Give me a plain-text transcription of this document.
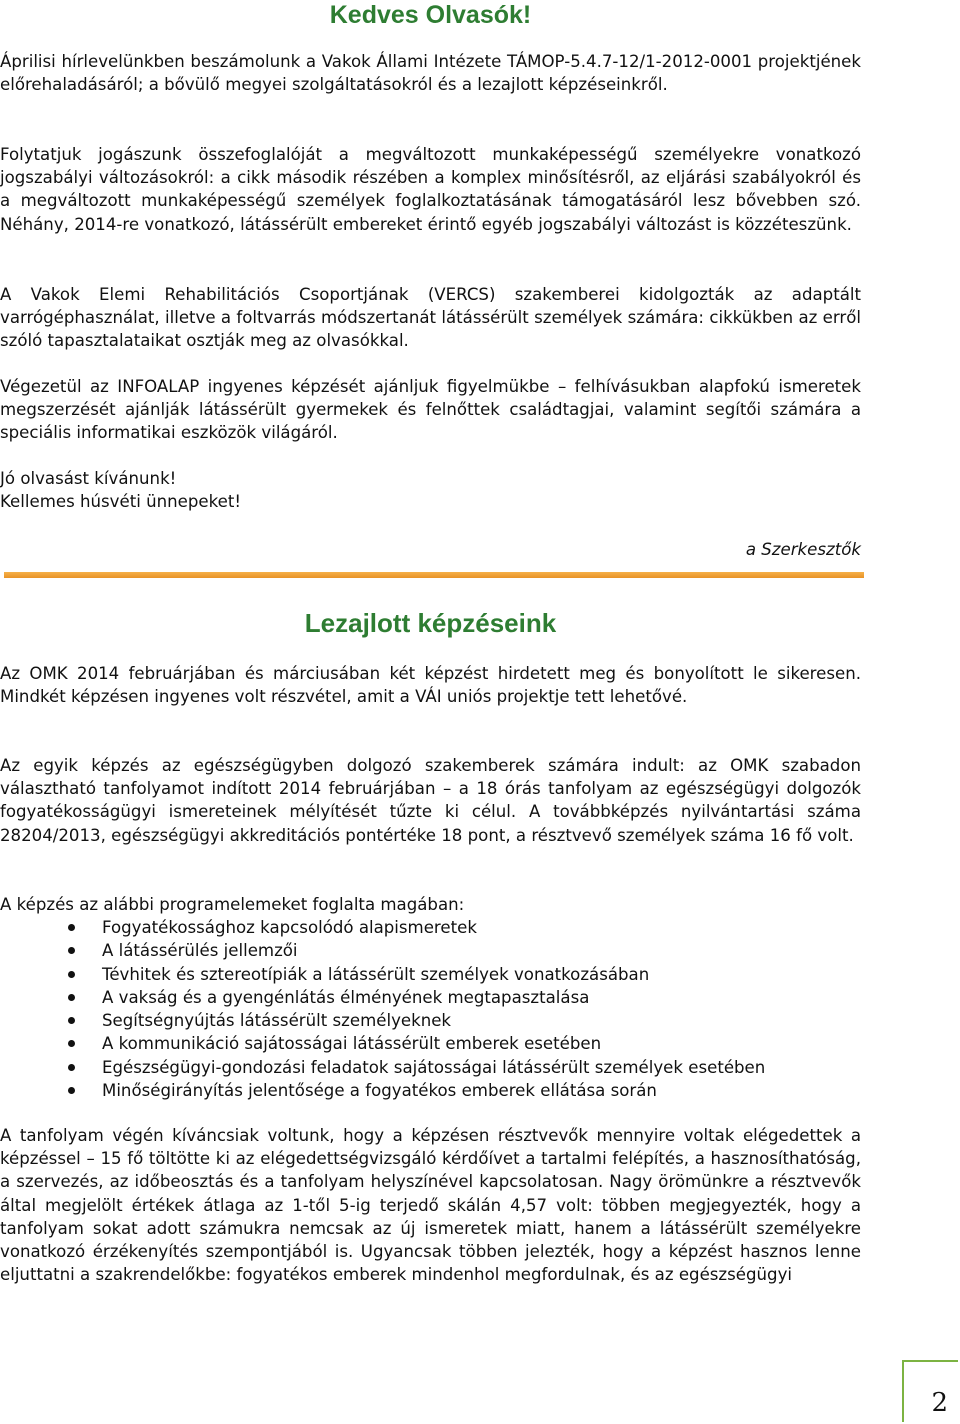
Kedves Olvasók!

Áprilisi hírlevelünkben beszámolunk a Vakok Állami Intézete TÁMOP-5.4.7-12/1-2012-0001 projektjének előrehaladásáról; a bővülő megyei szolgáltatásokról és a lezajlott képzéseinkről.

Folytatjuk jogászunk összefoglalóját a megváltozott munkaképességű személyekre vonatkozó jogszabályi változásokról: a cikk második részében a komplex minősítésről, az eljárási szabályokról és a megváltozott munkaképességű személyek foglalkoztatásának támogatásáról lesz bővebben szó. Néhány, 2014-re vonatkozó, látássérült embereket érintő egyéb jogszabályi változást is közzéteszünk.

A Vakok Elemi Rehabilitációs Csoportjának (VERCS) szakemberei kidolgozták az adaptált varrógéphasználat, illetve a foltvarrás módszertanát látássérült személyek számára: cikkükben az erről szóló tapasztalataikat osztják meg az olvasókkal.

Végezetül az INFOALAP ingyenes képzését ajánljuk figyelmükbe – felhívásukban alapfokú ismeretek megszerzését ajánlják látássérült gyermekek és felnőttek családtagjai, valamint segítői számára a speciális informatikai eszközök világáról.

Jó olvasást kívánunk!
Kellemes húsvéti ünnepeket!
a Szerkesztők
Lezajlott képzéseink

Az OMK 2014 februárjában és márciusában két képzést hirdetett meg és bonyolított le sikeresen. Mindkét képzésen ingyenes volt részvétel, amit a VÁI uniós projektje tett lehetővé.

Az egyik képzés az egészségügyben dolgozó szakemberek számára indult: az OMK szabadon választható tanfolyamot indított 2014 februárjában – a 18 órás tanfolyam az egészségügyi dolgozók fogyatékosságügyi ismereteinek mélyítését tűzte ki célul. A továbbképzés nyilvántartási száma 28204/2013, egészségügyi akkreditációs pontértéke 18 pont, a résztvevő személyek száma 16 fő volt.

A képzés az alábbi programelemeket foglalta magában:

Fogyatékossághoz kapcsolódó alapismeretek
A látássérülés jellemzői
Tévhitek és sztereotípiák a látássérült személyek vonatkozásában
A vakság és a gyengénlátás élményének megtapasztalása
Segítségnyújtás látássérült személyeknek
A kommunikáció sajátosságai látássérült emberek esetében
Egészségügyi-gondozási feladatok sajátosságai látássérült személyek esetében
Minőségirányítás jelentősége a fogyatékos emberek ellátása során

A tanfolyam végén kíváncsiak voltunk, hogy a képzésen résztvevők mennyire voltak elégedettek a képzéssel – 15 fő töltötte ki az elégedettségvizsgáló kérdőívet a tartalmi felépítés, a hasznosíthatóság, a szervezés, az időbeosztás és a tanfolyam helyszínével kapcsolatosan. Nagy örömünkre a résztvevők által megjelölt értékek átlaga az 1-től 5-ig terjedő skálán 4,57 volt: többen megjegyezték, hogy a tanfolyam sokat adott számukra nemcsak az új ismeretek miatt, hanem a látássérült személyekre vonatkozó érzékenyítés szempontjából is. Ugyancsak többen jelezték, hogy a képzést hasznos lenne eljuttatni a szakrendelőkbe: fogyatékos emberek mindenhol megfordulnak, és az egészségügyi

2
